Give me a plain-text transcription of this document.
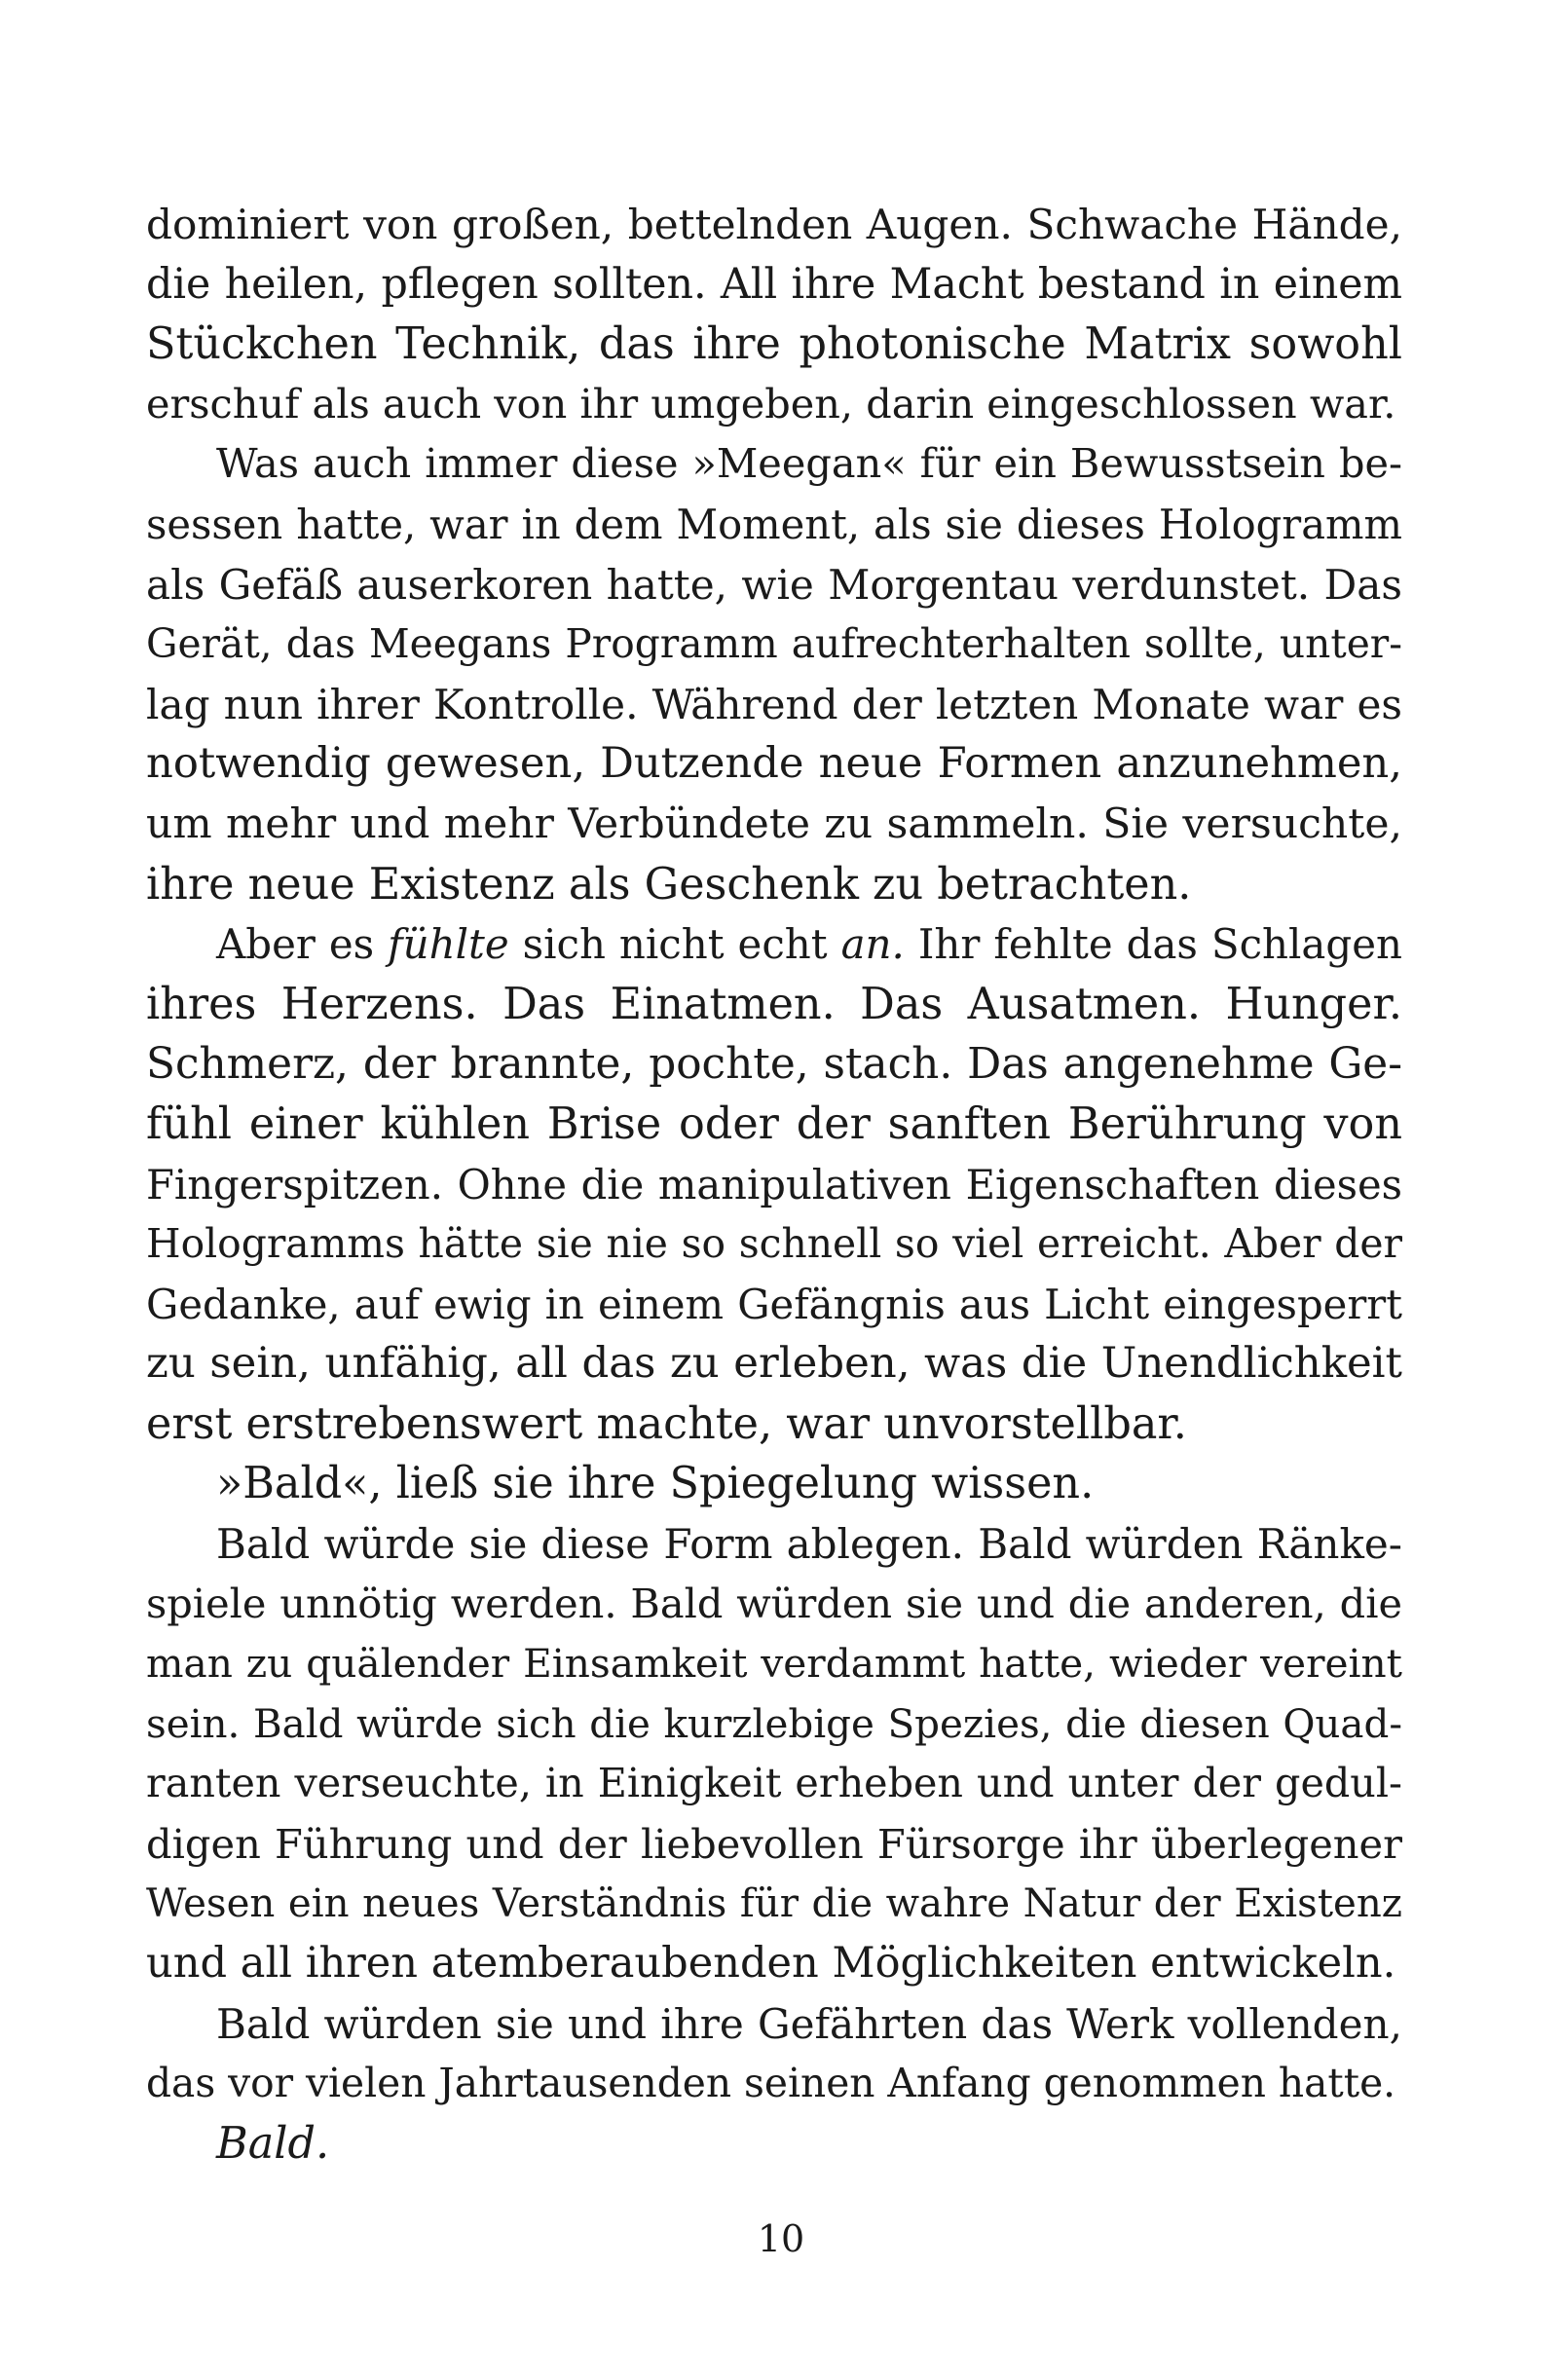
dominiert von großen, bettelnden Augen. Schwache Hände,
die heilen, pflegen sollten. All ihre Macht bestand in einem
Stückchen Technik, das ihre photonische Matrix sowohl
erschuf als auch von ihr umgeben, darin eingeschlossen war.
Was auch immer diese »Meegan« für ein Bewusstsein be-
sessen hatte, war in dem Moment, als sie dieses Hologramm
als Gefäß auserkoren hatte, wie Morgentau verdunstet. Das
Gerät, das Meegans Programm aufrechterhalten sollte, unter-
lag nun ihrer Kontrolle. Während der letzten Monate war es
notwendig gewesen, Dutzende neue Formen anzunehmen,
um mehr und mehr Verbündete zu sammeln. Sie versuchte,
ihre neue Existenz als Geschenk zu betrachten.
Aber es fühlte sich nicht echt an. Ihr fehlte das Schlagen
ihres Herzens. Das Einatmen. Das Ausatmen. Hunger.
Schmerz, der brannte, pochte, stach. Das angenehme Ge-
fühl einer kühlen Brise oder der sanften Berührung von
Fingerspitzen. Ohne die manipulativen Eigenschaften dieses
Hologramms hätte sie nie so schnell so viel erreicht. Aber der
Gedanke, auf ewig in einem Gefängnis aus Licht eingesperrt
zu sein, unfähig, all das zu erleben, was die Unendlichkeit
erst erstrebenswert machte, war unvorstellbar.
»Bald«, ließ sie ihre Spiegelung wissen.
Bald würde sie diese Form ablegen. Bald würden Ränke-
spiele unnötig werden. Bald würden sie und die anderen, die
man zu quälender Einsamkeit verdammt hatte, wieder vereint
sein. Bald würde sich die kurzlebige Spezies, die diesen Quad-
ranten verseuchte, in Einigkeit erheben und unter der gedul-
digen Führung und der liebevollen Fürsorge ihr überlegener
Wesen ein neues Verständnis für die wahre Natur der Existenz
und all ihren atemberaubenden Möglichkeiten entwickeln.
Bald würden sie und ihre Gefährten das Werk vollenden,
das vor vielen Jahrtausenden seinen Anfang genommen hatte.
Bald.
10
